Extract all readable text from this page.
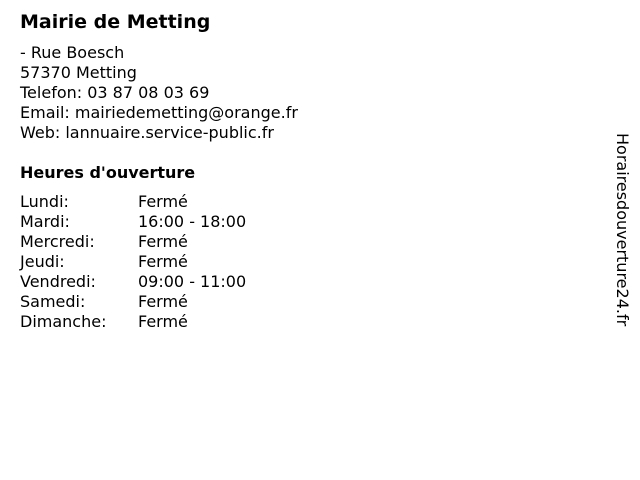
Mairie de Metting
- Rue Boesch
57370 Metting
Telefon: 03 87 08 03 69
Email: mairiedemetting@orange.fr
Web: lannuaire.service-public.fr
Heures d'ouverture
Lundi:	Fermé
Mardi:	16:00 - 18:00
Mercredi:	Fermé
Jeudi:	Fermé
Vendredi:	09:00 - 11:00
Samedi:	Fermé
Dimanche:	Fermé	Horairesdouverture24.fr
